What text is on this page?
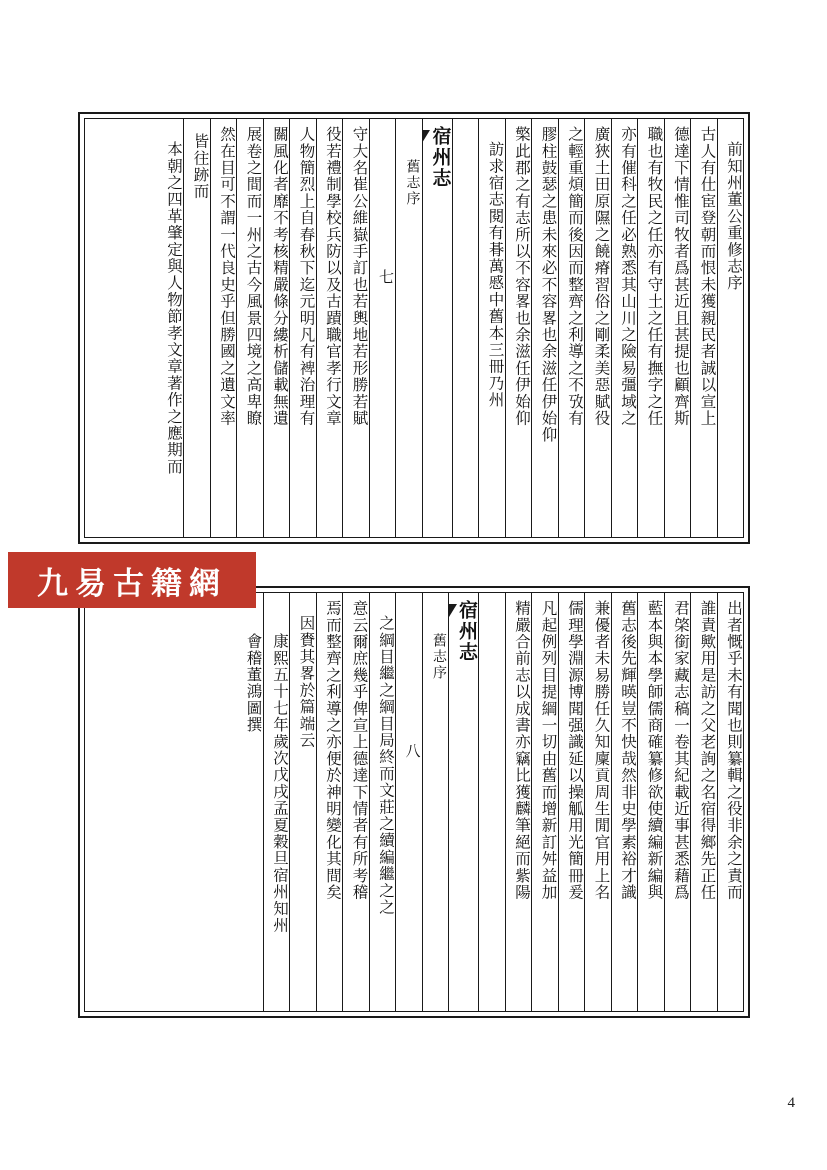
前知州董公重修志序
古人有仕宦登朝而恨未獲親民者誠以宣上
德達下情惟司牧者爲甚近且甚提也顧齊斯
職也有牧民之任亦有守土之任有撫字之任
亦有催科之任必熟悉其山川之險易彊域之
廣狹土田原隰之饒瘠習俗之剛柔美惡賦役
之輕重煩簡而後因而整齊之利導之不攷有
膠柱鼓瑟之患未來必不容畧也余滋任伊始仰
檠此郡之有志所以不容畧也余滋任伊始仰
訪求宿志閱有朞萬慼中舊本三冊乃州
宿州志
舊志序
七
守大名崔公維嶽手訂也若輿地若形勝若賦
役若禮制學校兵防以及古蹟職官孝行文章
人物簡烈上自春秋下迄元明凡有裨治理有
關風化者靡不考核精嚴條分縷析儲載無遺
展卷之間而一州之古今風景四境之高卑瞭
然在目可不謂一代良史乎但勝國之遺文率
皆往跡而
本朝之四革肇定與人物節孝文章著作之應期而
出者慨乎未有聞也則纂輯之役非余之責而
誰責歟用是訪之父老詢之名宿得鄉先正任
君棨銜家藏志稿一卷其紀載近事甚悉藉爲
藍本與本學師儒商確纂修欲使續編新編與
舊志後先輝暎豈不快哉然非史學素裕才識
兼優者未易勝任久知廩貢周生閒官用上名
儒理學淵源博聞强識延以操觚用光簡冊爰
凡起例列目提綱一切由舊而增新訂舛益加
精嚴合前志以成書亦竊比獲麟筆絕而紫陽
宿州志
舊志序
八
之綱目繼之綱目局終而文莊之續編繼之之
意云爾庶幾乎俾宣上德達下情者有所考稽
焉而整齊之利導之亦便於神明變化其間矣
因賚其畧於篇端云
康熙五十七年歲次戊戌孟夏穀旦宿州知州
會稽董鴻圖撰
九易古籍網
4
